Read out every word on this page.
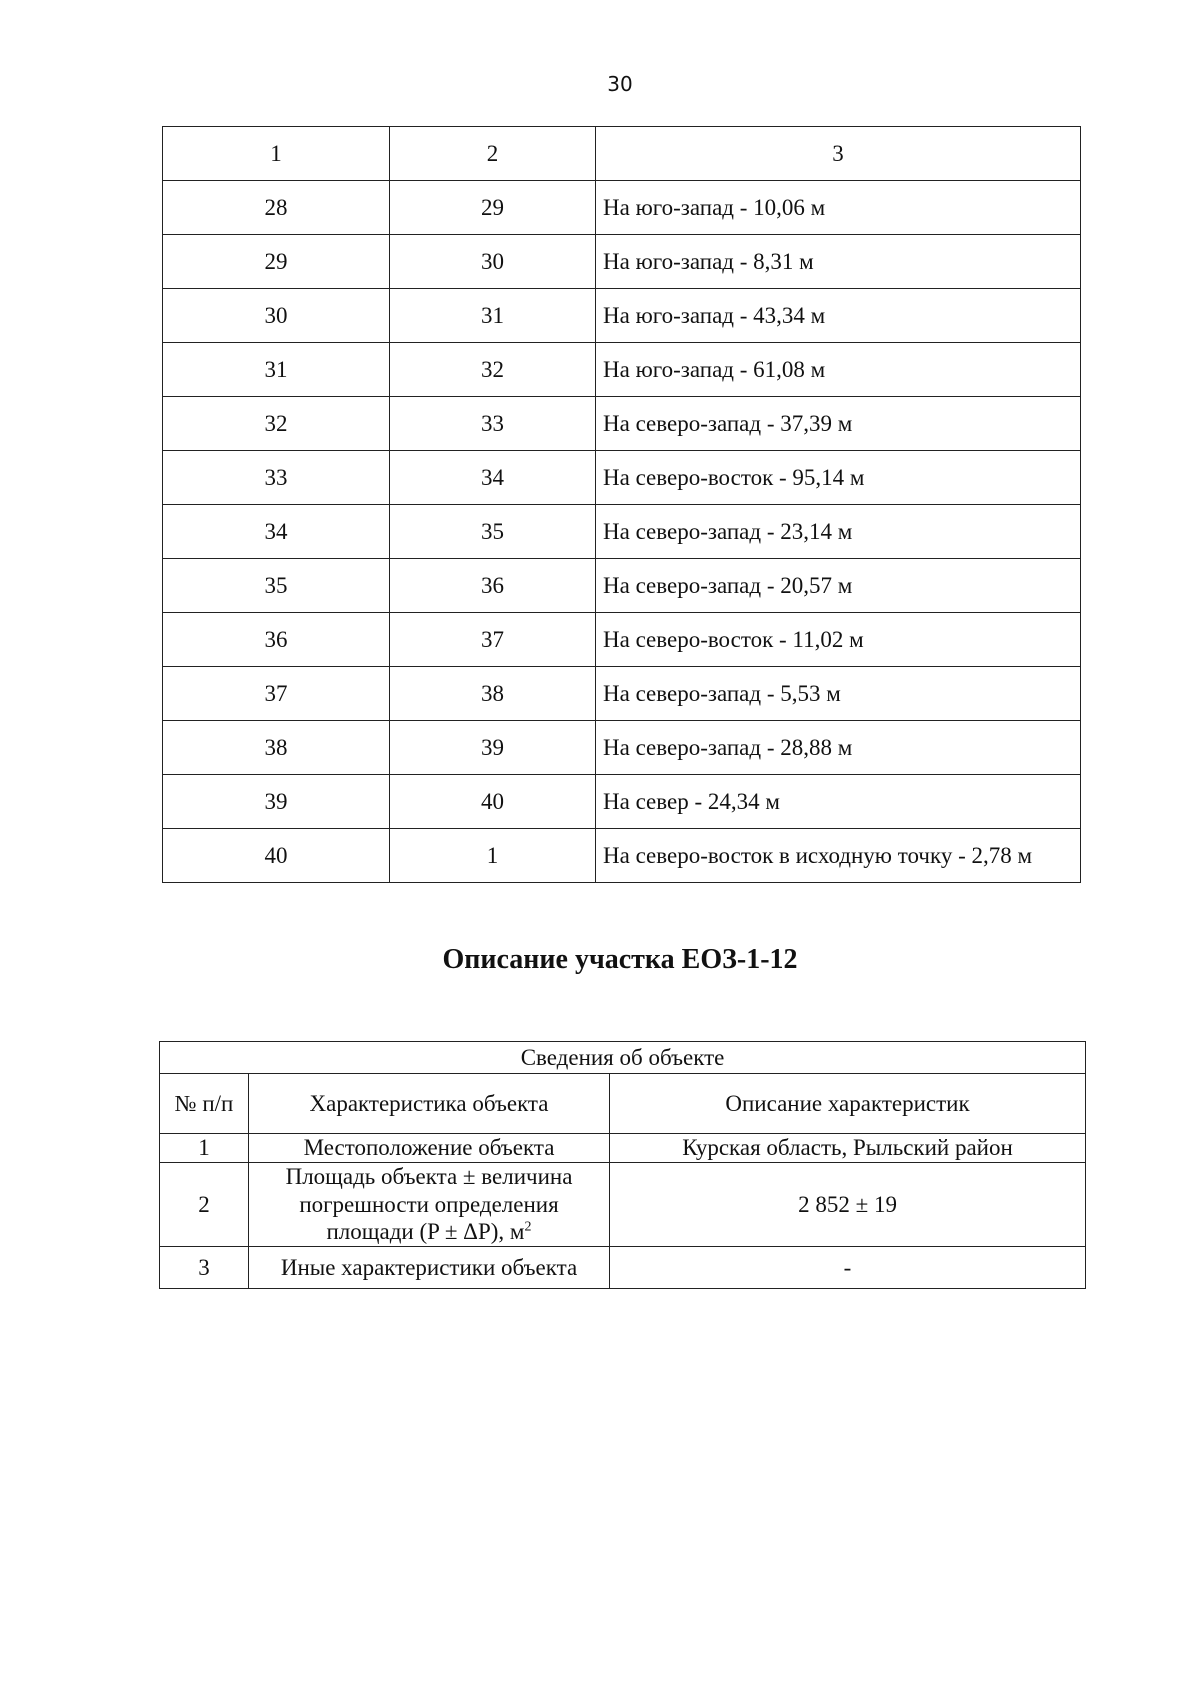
30
1	2	3
28	29	На юго-запад - 10,06 м
29	30	На юго-запад - 8,31 м
30	31	На юго-запад - 43,34 м
31	32	На юго-запад - 61,08 м
32	33	На северо-запад - 37,39 м
33	34	На северо-восток - 95,14 м
34	35	На северо-запад - 23,14 м
35	36	На северо-запад - 20,57 м
36	37	На северо-восток - 11,02 м
37	38	На северо-запад - 5,53 м
38	39	На северо-запад - 28,88 м
39	40	На север - 24,34 м
40	1	На северо-восток в исходную точку - 2,78 м
Описание участка ЕОЗ-1-12
Сведения об объекте		
№ п/п	Характеристика объекта	Описание характеристик
1	Местоположение объекта	Курская область, Рыльский район
2	Площадь объекта ± величина
погрешности определения
площади (P ± ΔP), $м^2$	2 852 ± 19
3	Иные характеристики объекта	-
